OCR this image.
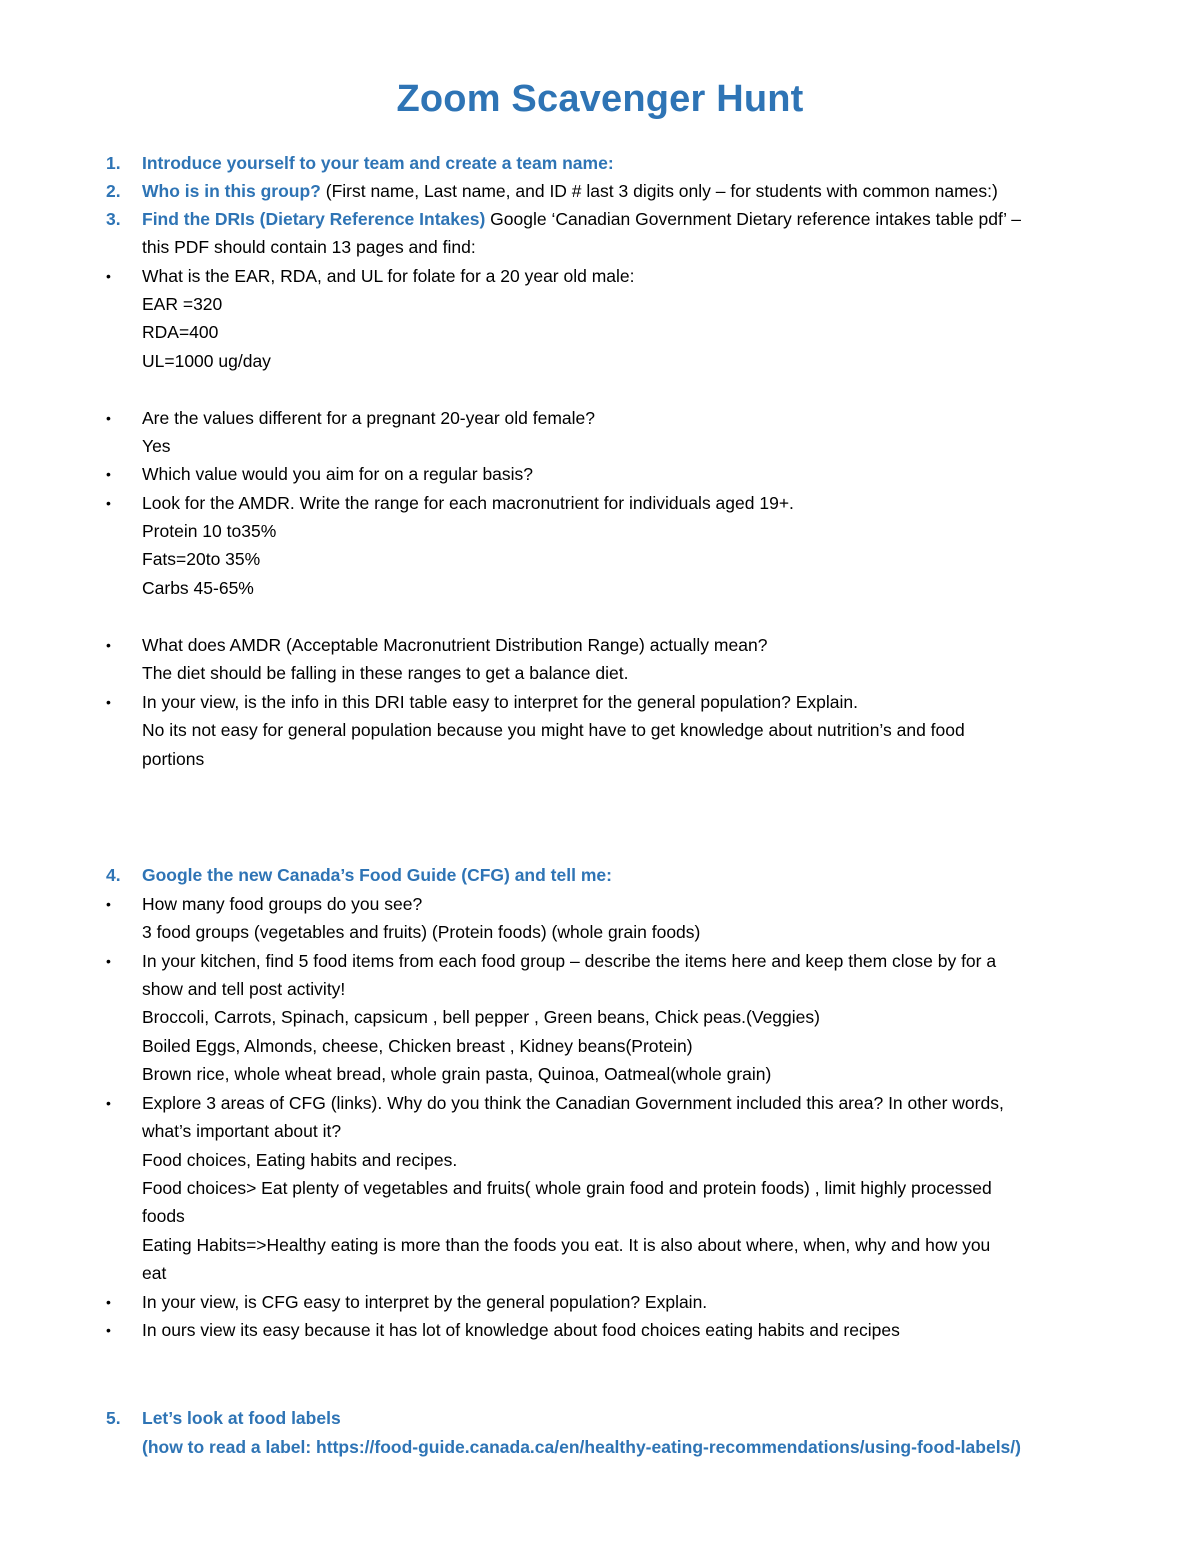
Zoom Scavenger Hunt
1.	Introduce yourself to your team and create a team name:
2.	Who is in this group? (First name, Last name, and ID # last 3 digits only – for students with common names:)
3.	Find the DRIs (Dietary Reference Intakes) Google ‘Canadian Government Dietary reference intakes table pdf’ –
this PDF should contain 13 pages and find:
•	What is the EAR, RDA, and UL for folate for a 20 year old male:
EAR =320
RDA=400
UL=1000 ug/day
•	Are the values different for a pregnant 20-year old female?
Yes
•	Which value would you aim for on a regular basis?
•	Look for the AMDR. Write the range for each macronutrient for individuals aged 19+.
Protein 10 to35%
Fats=20to 35%
Carbs 45-65%
•	What does AMDR (Acceptable Macronutrient Distribution Range) actually mean?
The diet should be falling in these ranges to get a balance diet.
•	In your view, is the info in this DRI table easy to interpret for the general population? Explain.
No its not easy for general population because you might have to get knowledge about nutrition’s and food
portions
4.	Google the new Canada’s Food Guide (CFG) and tell me:
•	How many food groups do you see?
3 food groups (vegetables and fruits) (Protein foods) (whole grain foods)
•	In your kitchen, find 5 food items from each food group – describe the items here and keep them close by for a
show and tell post activity!
Broccoli, Carrots, Spinach, capsicum , bell pepper , Green beans, Chick peas.(Veggies)
Boiled Eggs, Almonds, cheese, Chicken breast , Kidney beans(Protein)
Brown rice, whole wheat bread, whole grain pasta, Quinoa, Oatmeal(whole grain)
•	Explore 3 areas of CFG (links). Why do you think the Canadian Government included this area? In other words,
what’s important about it?
Food choices, Eating habits and recipes.
Food choices> Eat plenty of vegetables and fruits( whole grain food and protein foods) , limit highly processed
foods
Eating Habits=>Healthy eating is more than the foods you eat. It is also about where, when, why and how you
eat
•	In your view, is CFG easy to interpret by the general population? Explain.
•	In ours view its easy because it has lot of knowledge about food choices eating habits and recipes
5.	Let’s look at food labels
(how to read a label: https://food-guide.canada.ca/en/healthy-eating-recommendations/using-food-labels/)
